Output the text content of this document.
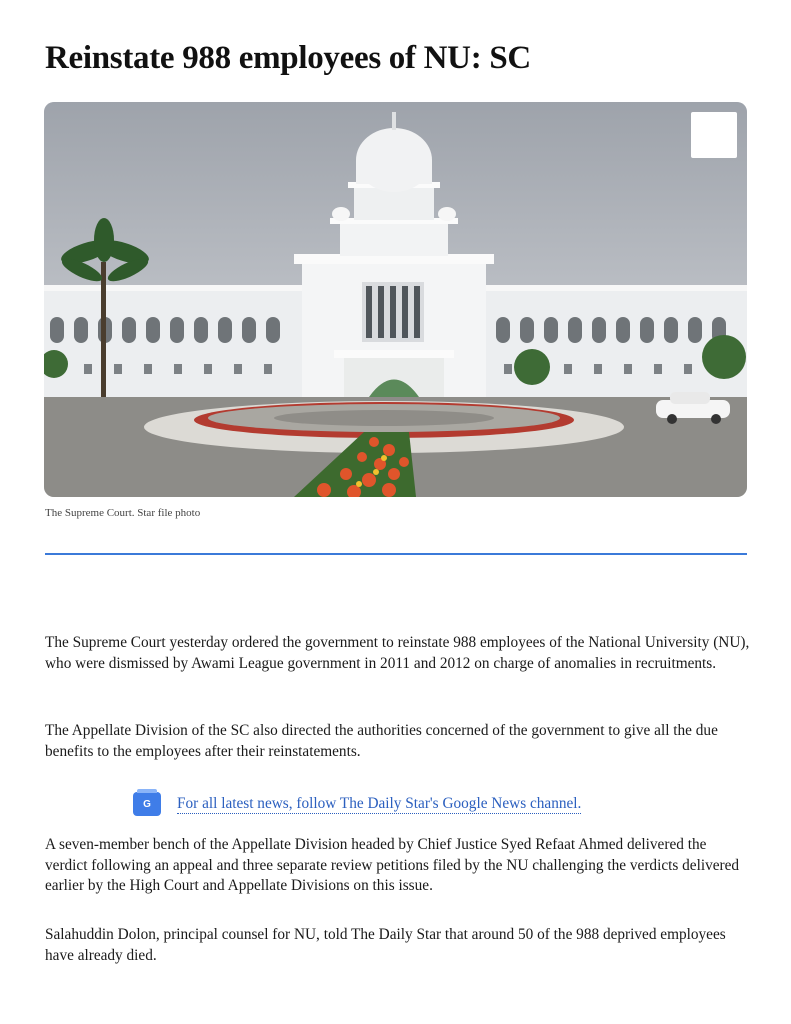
Reinstate 988 employees of NU: SC
The Supreme Court. Star file photo

The Supreme Court yesterday ordered the government to reinstate 988 employees of the National University (NU), who were dismissed by Awami League government in 2011 and 2012 on charge of anomalies in recruitments.

The Appellate Division of the SC also directed the authorities concerned of the government to give all the due benefits to the employees after their reinstatements.

G	For all latest news, follow The Daily Star's Google News channel.

A seven-member bench of the Appellate Division headed by Chief Justice Syed Refaat Ahmed delivered the verdict following an appeal and three separate review petitions filed by the NU challenging the verdicts delivered earlier by the High Court and Appellate Divisions on this issue.

Salahuddin Dolon, principal counsel for NU, told The Daily Star that around 50 of the 988 deprived employees have already died.
